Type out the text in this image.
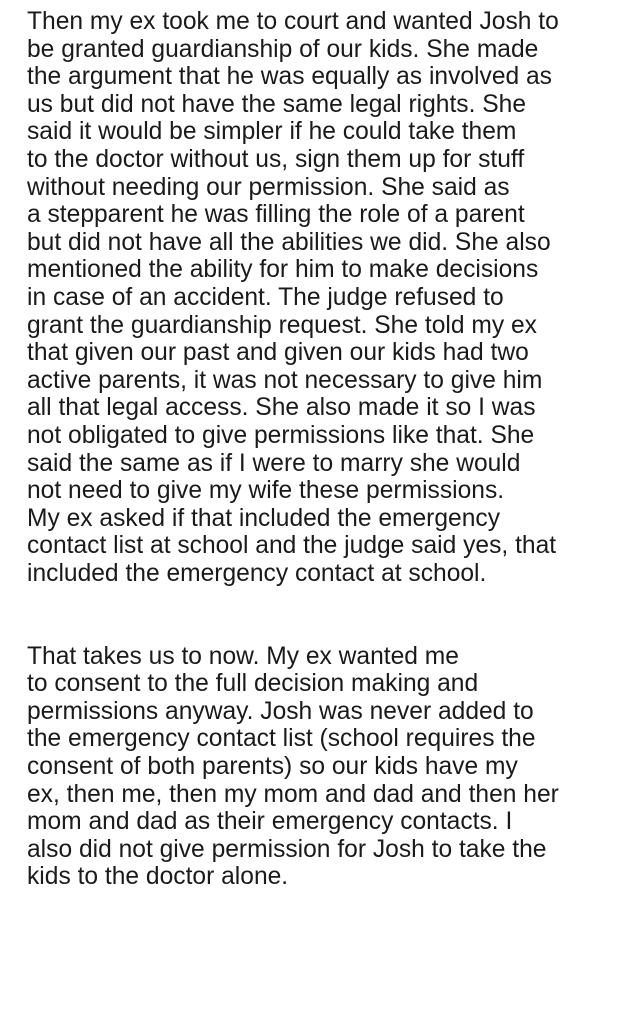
Then my ex took me to court and wanted Josh to
be granted guardianship of our kids. She made
the argument that he was equally as involved as
us but did not have the same legal rights. She
said it would be simpler if he could take them
to the doctor without us, sign them up for stuff
without needing our permission. She said as
a stepparent he was filling the role of a parent
but did not have all the abilities we did. She also
mentioned the ability for him to make decisions
in case of an accident. The judge refused to
grant the guardianship request. She told my ex
that given our past and given our kids had two
active parents, it was not necessary to give him
all that legal access. She also made it so I was
not obligated to give permissions like that. She
said the same as if I were to marry she would
not need to give my wife these permissions.
My ex asked if that included the emergency
contact list at school and the judge said yes, that
included the emergency contact at school.
That takes us to now. My ex wanted me
to consent to the full decision making and
permissions anyway. Josh was never added to
the emergency contact list (school requires the
consent of both parents) so our kids have my
ex, then me, then my mom and dad and then her
mom and dad as their emergency contacts. I
also did not give permission for Josh to take the
kids to the doctor alone.
